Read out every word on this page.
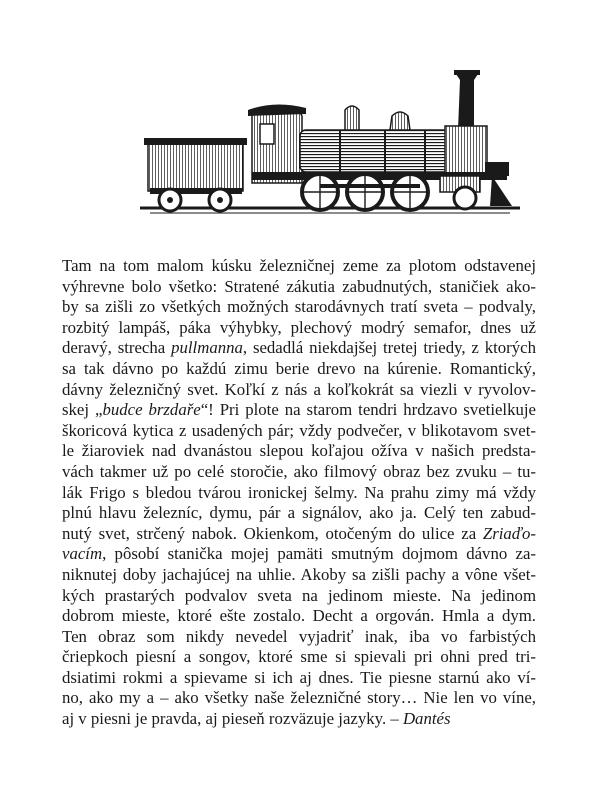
Tam na tom malom kúsku železničnej zeme za plotom odstavenej
výhrevne bolo všetko: Stratené zákutia zabudnutých, staničiek ako-
by sa zišli zo všetkých možných starodávnych tratí sveta – podvaly,
rozbitý lampáš, páka výhybky, plechový modrý semafor, dnes už
deravý, strecha pullmanna, sedadlá niekdajšej tretej triedy, z ktorých
sa tak dávno po každú zimu berie drevo na kúrenie. Romantický,
dávny železničný svet. Koľkí z nás a koľkokrát sa viezli v ryvolov-
skej „budce brzdaře“! Pri plote na starom tendri hrdzavo svetielkuje
škoricová kytica z usadených pár; vždy podvečer, v blikotavom svet-
le žiaroviek nad dvanástou slepou koľajou ožíva v našich predsta-
vách takmer už po celé storočie, ako filmový obraz bez zvuku – tu-
lák Frigo s bledou tvárou ironickej šelmy. Na prahu zimy má vždy
plnú hlavu železníc, dymu, pár a signálov, ako ja. Celý ten zabud-
nutý svet, strčený nabok. Okienkom, otočeným do ulice za Zriaďo-
vacím, pôsobí stanička mojej pamäti smutným dojmom dávno za-
niknutej doby jachajúcej na uhlie. Akoby sa zišli pachy a vône všet-
kých prastarých podvalov sveta na jedinom mieste. Na jedinom
dobrom mieste, ktoré ešte zostalo. Decht a orgován. Hmla a dym.
Ten obraz som nikdy nevedel vyjadriť inak, iba vo farbistých
čriepkoch piesní a songov, ktoré sme si spievali pri ohni pred tri-
dsiatimi rokmi a spievame si ich aj dnes. Tie piesne starnú ako ví-
no, ako my a – ako všetky naše železničné story… Nie len vo víne,
aj v piesni je pravda, aj pieseň rozväzuje jazyky. – Dantés
